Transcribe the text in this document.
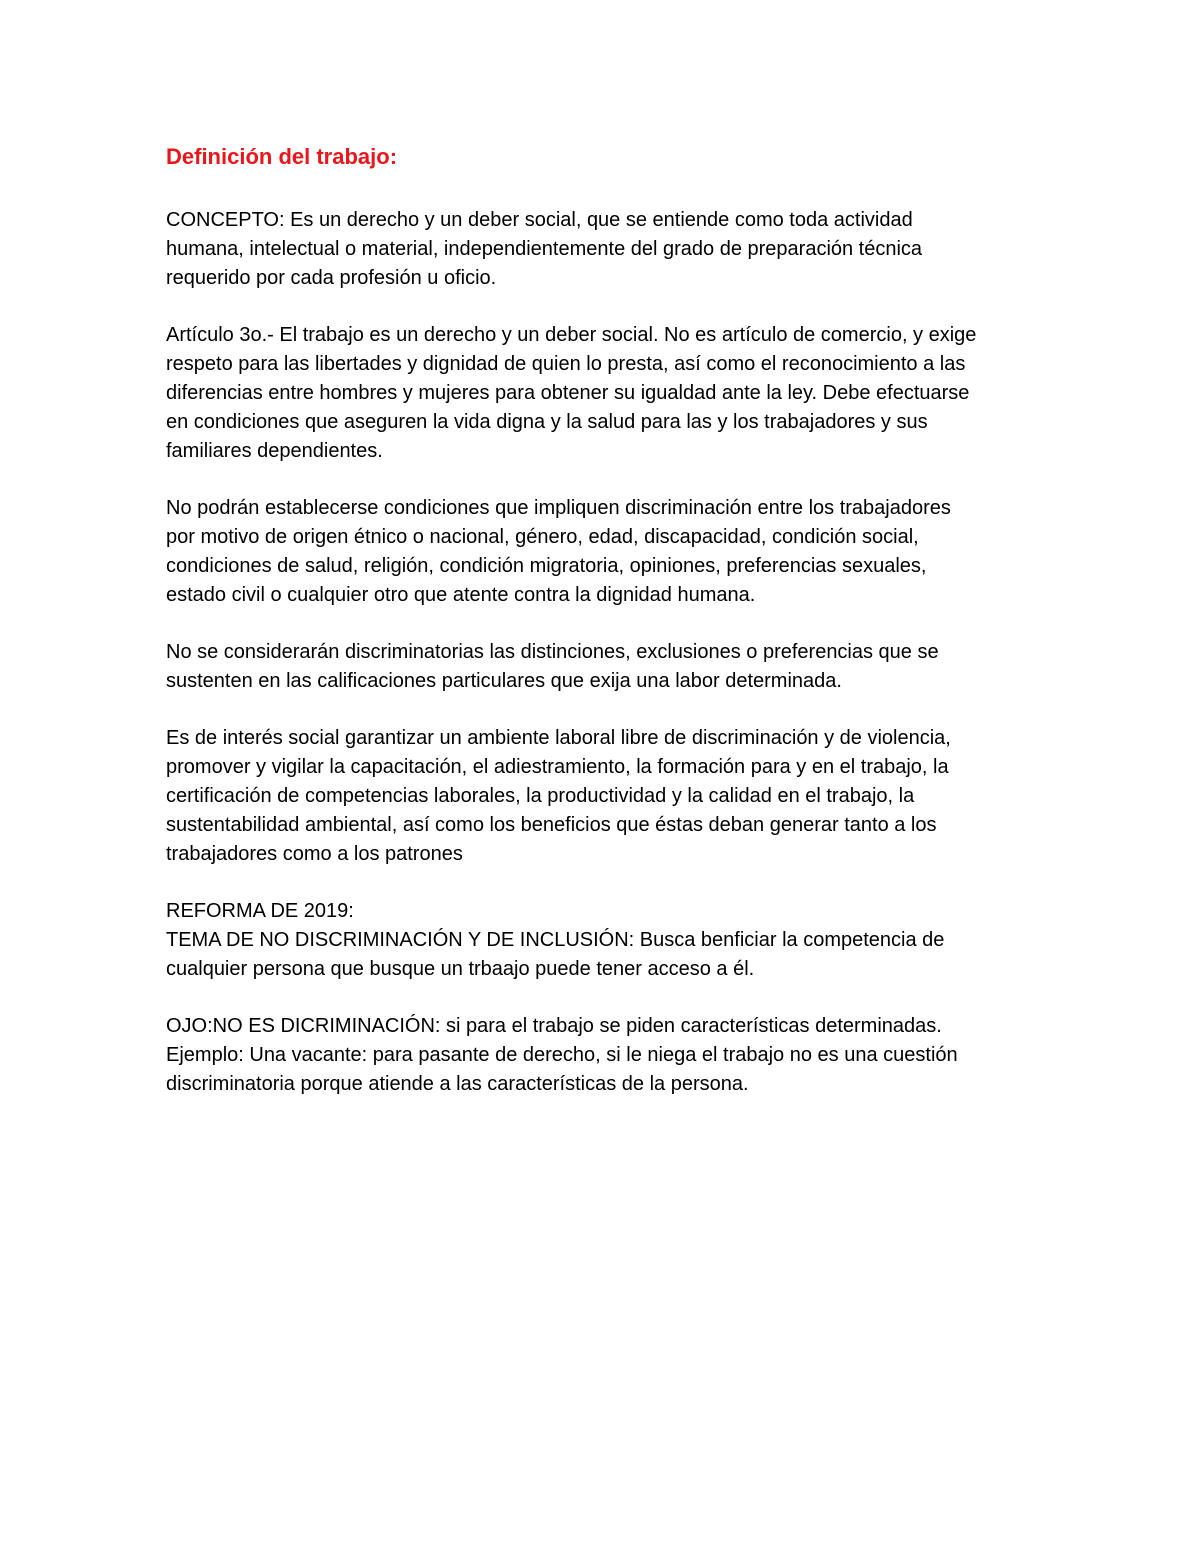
Definición del trabajo:
CONCEPTO: Es un derecho y un deber social, que se entiende como toda actividad
humana, intelectual o material, independientemente del grado de preparación técnica
requerido por cada profesión u oficio.
Artículo 3o.- El trabajo es un derecho y un deber social. No es artículo de comercio, y exige
respeto para las libertades y dignidad de quien lo presta, así como el reconocimiento a las
diferencias entre hombres y mujeres para obtener su igualdad ante la ley. Debe efectuarse
en condiciones que aseguren la vida digna y la salud para las y los trabajadores y sus
familiares dependientes.
No podrán establecerse condiciones que impliquen discriminación entre los trabajadores
por motivo de origen étnico o nacional, género, edad, discapacidad, condición social,
condiciones de salud, religión, condición migratoria, opiniones, preferencias sexuales,
estado civil o cualquier otro que atente contra la dignidad humana.
No se considerarán discriminatorias las distinciones, exclusiones o preferencias que se
sustenten en las calificaciones particulares que exija una labor determinada.
Es de interés social garantizar un ambiente laboral libre de discriminación y de violencia,
promover y vigilar la capacitación, el adiestramiento, la formación para y en el trabajo, la
certificación de competencias laborales, la productividad y la calidad en el trabajo, la
sustentabilidad ambiental, así como los beneficios que éstas deban generar tanto a los
trabajadores como a los patrones
REFORMA DE 2019:
TEMA DE NO DISCRIMINACIÓN Y DE INCLUSIÓN: Busca benficiar la competencia de
cualquier persona que busque un trbaajo puede tener acceso a él.
OJO:NO ES DICRIMINACIÓN: si para el trabajo se piden características determinadas.
Ejemplo: Una vacante: para pasante de derecho, si le niega el trabajo no es una cuestión
discriminatoria porque atiende a las características de la persona.
